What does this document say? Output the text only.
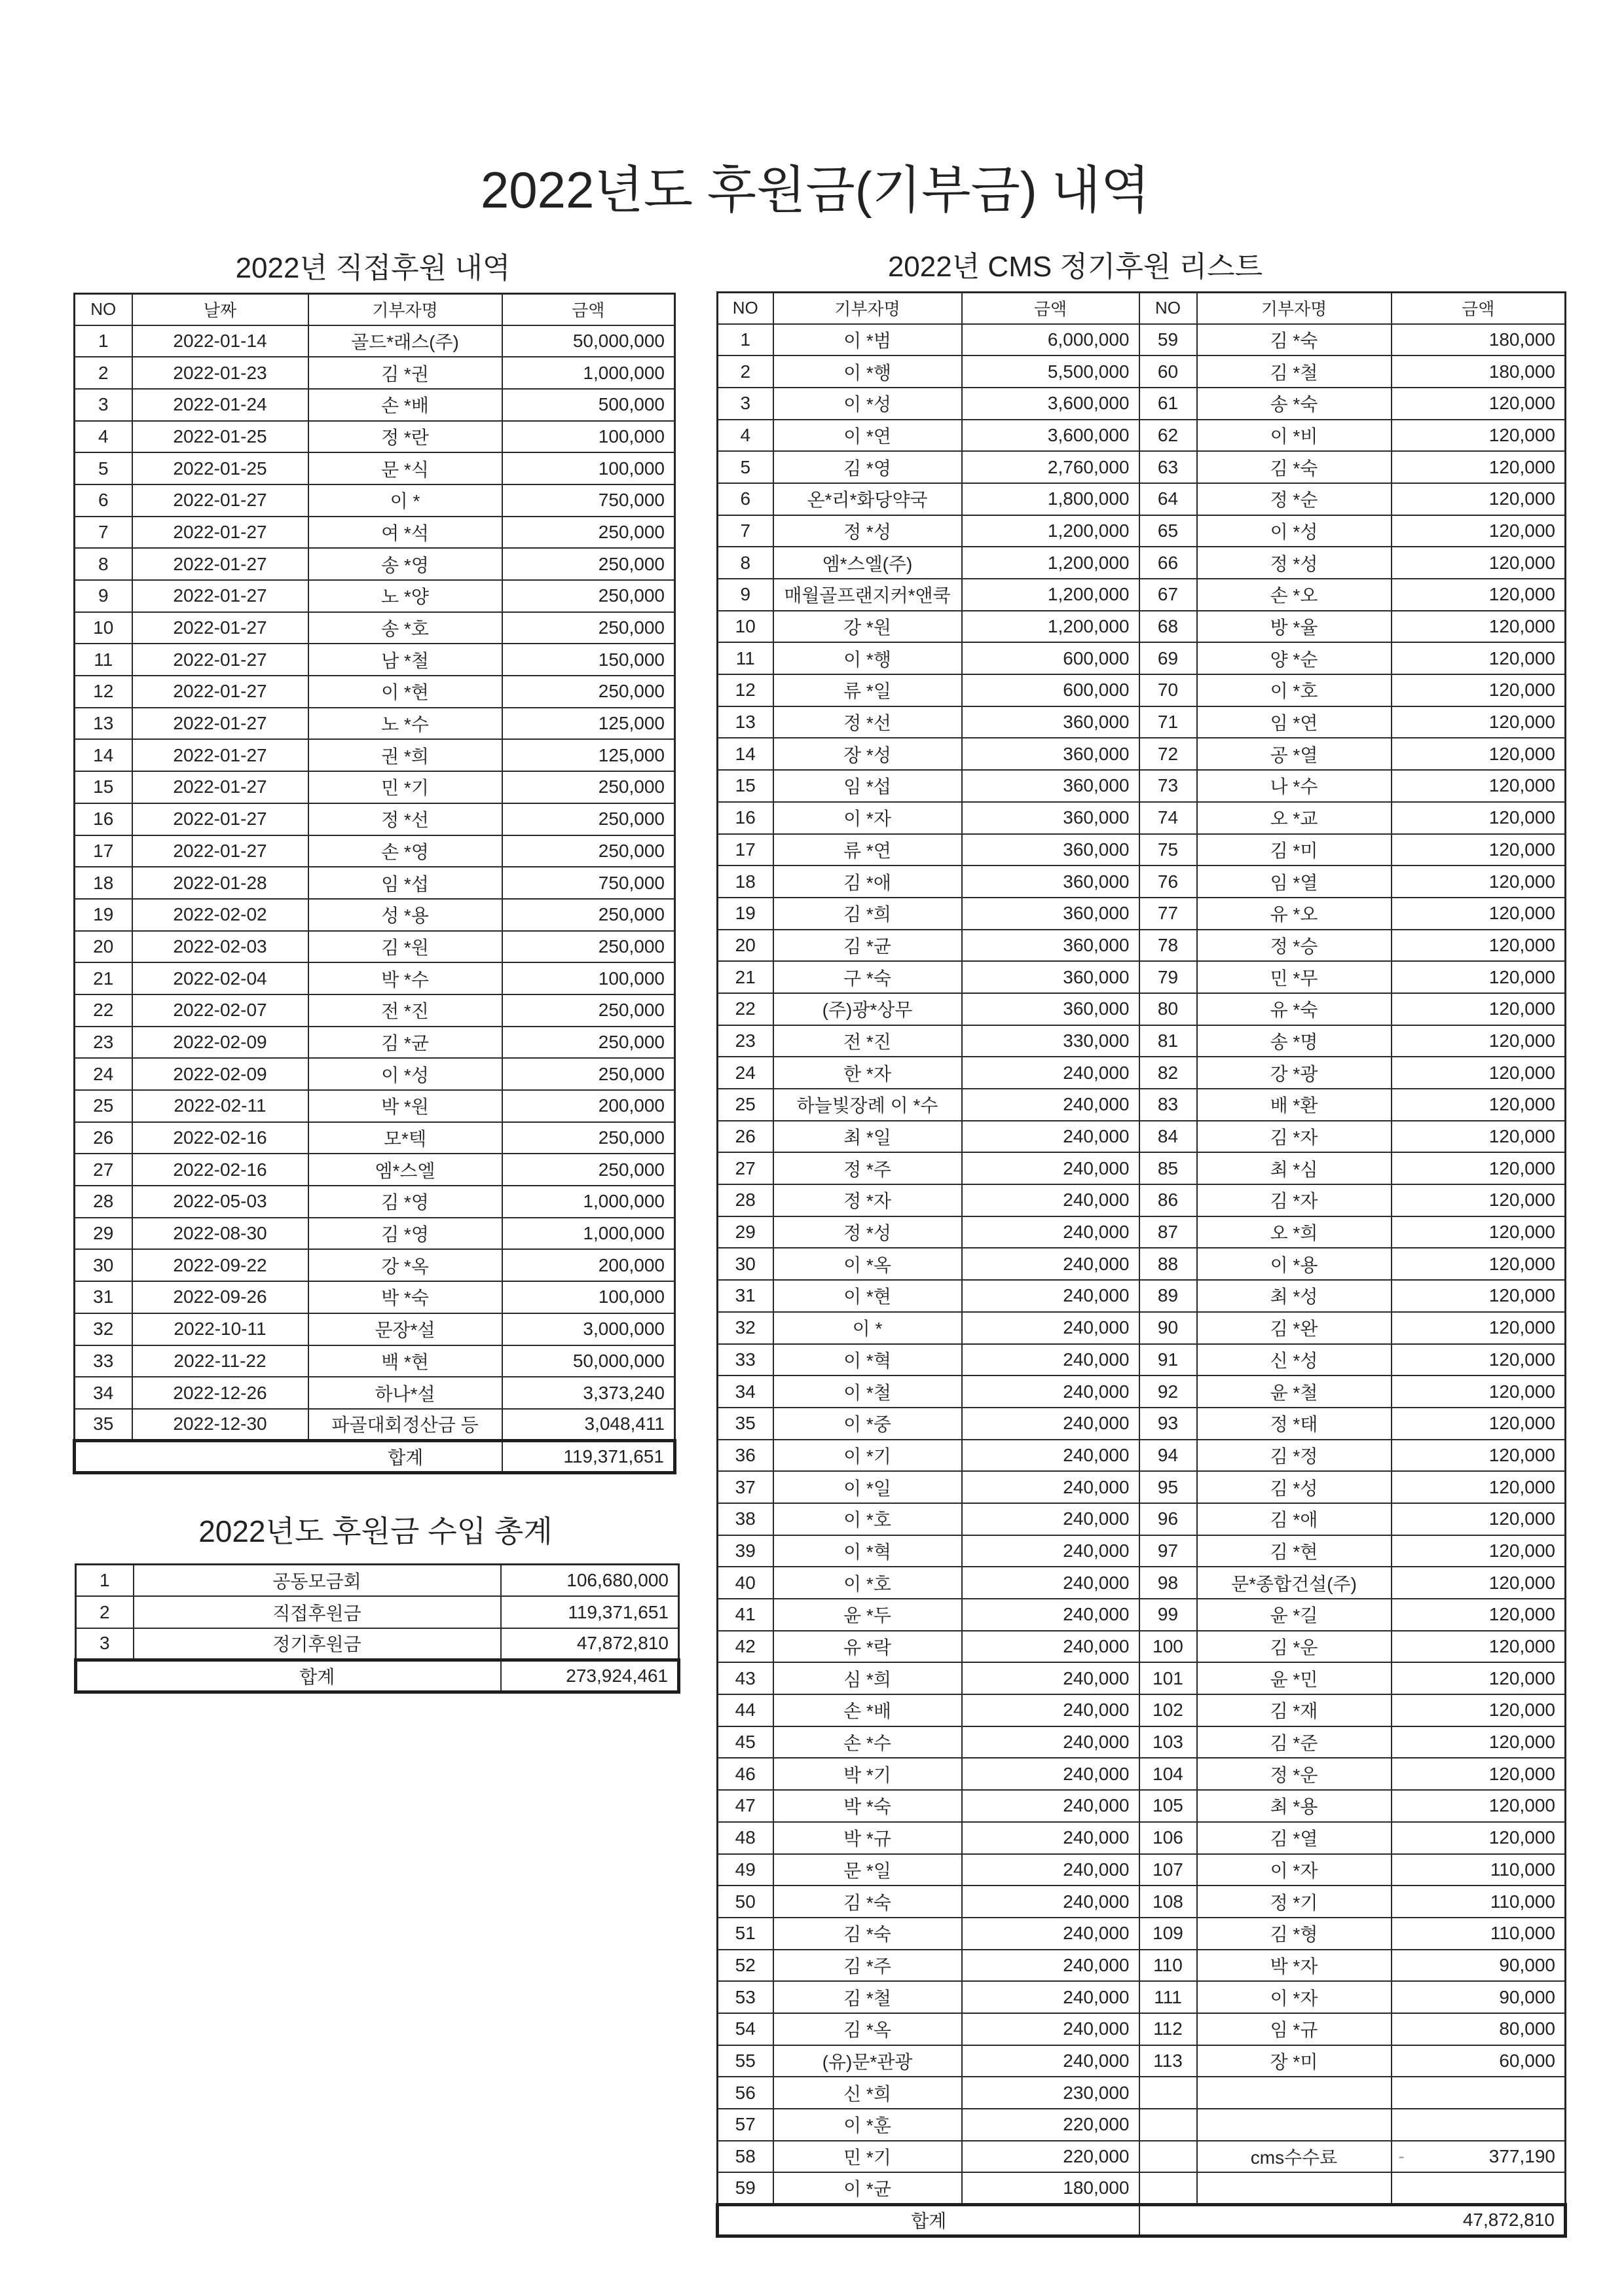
2022년도 후원금(기부금) 내역
2022년 직접후원 내역	2022년 CMS 정기후원 리스트
NO	날짜	기부자명	금액
1	2022-01-14	골드*래스(주)	50,000,000
2	2022-01-23	김 *권	1,000,000
3	2022-01-24	손 *배	500,000
4	2022-01-25	정 *란	100,000
5	2022-01-25	문 *식	100,000
6	2022-01-27	이 *	750,000
7	2022-01-27	여 *석	250,000
8	2022-01-27	송 *영	250,000
9	2022-01-27	노 *양	250,000
10	2022-01-27	송 *호	250,000
11	2022-01-27	남 *철	150,000
12	2022-01-27	이 *현	250,000
13	2022-01-27	노 *수	125,000
14	2022-01-27	권 *희	125,000
15	2022-01-27	민 *기	250,000
16	2022-01-27	정 *선	250,000
17	2022-01-27	손 *영	250,000
18	2022-01-28	임 *섭	750,000
19	2022-02-02	성 *용	250,000
20	2022-02-03	김 *원	250,000
21	2022-02-04	박 *수	100,000
22	2022-02-07	전 *진	250,000
23	2022-02-09	김 *균	250,000
24	2022-02-09	이 *성	250,000
25	2022-02-11	박 *원	200,000
26	2022-02-16	모*텍	250,000
27	2022-02-16	엠*스엘	250,000
28	2022-05-03	김 *영	1,000,000
29	2022-08-30	김 *영	1,000,000
30	2022-09-22	강 *옥	200,000
31	2022-09-26	박 *숙	100,000
32	2022-10-11	문장*설	3,000,000
33	2022-11-22	백 *현	50,000,000
34	2022-12-26	하나*설	3,373,240
35	2022-12-30	파골대회정산금 등	3,048,411
합계			119,371,651
2022년도 후원금 수입 총계
1	공동모금회	106,680,000
2	직접후원금	119,371,651
3	정기후원금	47,872,810
합계		273,924,461
NO	기부자명	금액	NO	기부자명	금액
1	이 *범	6,000,000	59	김 *숙	180,000
2	이 *행	5,500,000	60	김 *철	180,000
3	이 *성	3,600,000	61	송 *숙	120,000
4	이 *연	3,600,000	62	이 *비	120,000
5	김 *영	2,760,000	63	김 *숙	120,000
6	온*리*화당약국	1,800,000	64	정 *순	120,000
7	정 *성	1,200,000	65	이 *성	120,000
8	엠*스엘(주)	1,200,000	66	정 *성	120,000
9	매월골프랜지커*앤쿡	1,200,000	67	손 *오	120,000
10	강 *원	1,200,000	68	방 *율	120,000
11	이 *행	600,000	69	양 *순	120,000
12	류 *일	600,000	70	이 *호	120,000
13	정 *선	360,000	71	임 *연	120,000
14	장 *성	360,000	72	공 *열	120,000
15	임 *섭	360,000	73	나 *수	120,000
16	이 *자	360,000	74	오 *교	120,000
17	류 *연	360,000	75	김 *미	120,000
18	김 *애	360,000	76	임 *열	120,000
19	김 *희	360,000	77	유 *오	120,000
20	김 *균	360,000	78	정 *승	120,000
21	구 *숙	360,000	79	민 *무	120,000
22	(주)광*상무	360,000	80	유 *숙	120,000
23	전 *진	330,000	81	송 *명	120,000
24	한 *자	240,000	82	강 *광	120,000
25	하늘빛장례 이 *수	240,000	83	배 *환	120,000
26	최 *일	240,000	84	김 *자	120,000
27	정 *주	240,000	85	최 *심	120,000
28	정 *자	240,000	86	김 *자	120,000
29	정 *성	240,000	87	오 *희	120,000
30	이 *옥	240,000	88	이 *용	120,000
31	이 *현	240,000	89	최 *성	120,000
32	이 *	240,000	90	김 *완	120,000
33	이 *혁	240,000	91	신 *성	120,000
34	이 *철	240,000	92	윤 *철	120,000
35	이 *중	240,000	93	정 *태	120,000
36	이 *기	240,000	94	김 *정	120,000
37	이 *일	240,000	95	김 *성	120,000
38	이 *호	240,000	96	김 *애	120,000
39	이 *혁	240,000	97	김 *현	120,000
40	이 *호	240,000	98	문*종합건설(주)	120,000
41	윤 *두	240,000	99	윤 *길	120,000
42	유 *락	240,000	100	김 *운	120,000
43	심 *희	240,000	101	윤 *민	120,000
44	손 *배	240,000	102	김 *재	120,000
45	손 *수	240,000	103	김 *준	120,000
46	박 *기	240,000	104	정 *운	120,000
47	박 *숙	240,000	105	최 *용	120,000
48	박 *규	240,000	106	김 *열	120,000
49	문 *일	240,000	107	이 *자	110,000
50	김 *숙	240,000	108	정 *기	110,000
51	김 *숙	240,000	109	김 *형	110,000
52	김 *주	240,000	110	박 *자	90,000
53	김 *철	240,000	111	이 *자	90,000
54	김 *옥	240,000	112	임 *규	80,000
55	(유)문*관광	240,000	113	장 *미	60,000
56	신 *희	230,000			
57	이 *훈	220,000			
58	민 *기	220,000		cms수수료	- 377,190
59	이 *균	180,000			
합계			47,872,810		
